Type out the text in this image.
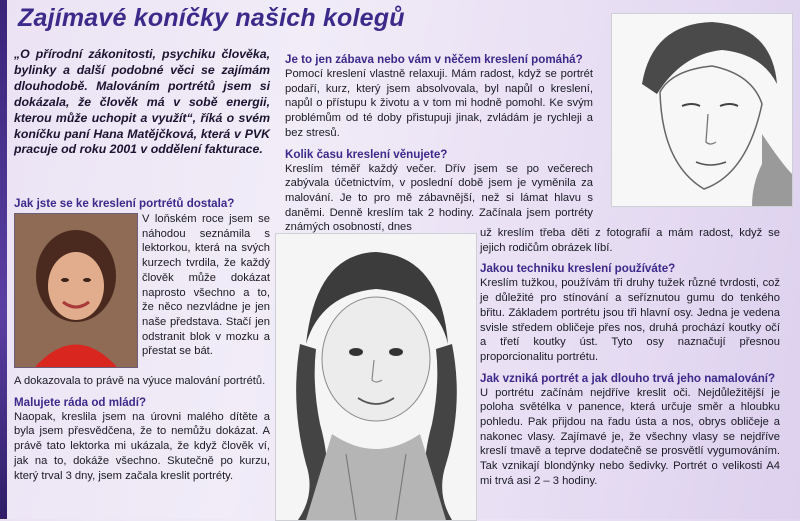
Zajímavé koníčky našich kolegů

„O přírodní zákonitosti, psychiku člověka, bylinky a další podobné věci se zajímám dlouhodobě. Malováním portrétů jsem si dokázala, že člověk má v sobě energii, kterou může uchopit a využít“, říká o svém koníčku paní Hana Matějčková, která v PVK pracuje od roku 2001 v oddělení fakturace.

Jak jste se ke kreslení portrétů dostala?

V loňském roce jsem se náhodou seznámila s lektorkou, která na svých kurzech tvrdila, že každý člověk může dokázat naprosto všechno a to, že něco nezvládne je jen naše představa. Stačí jen odstranit blok v mozku a přestat se bát.

A dokazovala to právě na výuce malování portrétů.

Malujete ráda od mládí?

Naopak, kreslila jsem na úrovni malého dítěte a byla jsem přesvědčena, že to nemůžu dokázat. A právě tato lektorka mi ukázala, že když člověk ví, jak na to, dokáže všechno. Skutečně po kurzu, který trval 3 dny, jsem začala kreslit portréty.

Je to jen zábava nebo vám v něčem kreslení pomáhá?

Pomocí kreslení vlastně relaxuji. Mám radost, když se portrét podaří, kurz, který jsem absolvovala, byl napůl o kreslení, napůl o přístupu k životu a v tom mi hodně pomohl. Ke svým problémům od té doby přistupuji jinak, zvládám je rychleji a bez stresů.

Kolik času kreslení věnujete?

Kreslím téměř každý večer. Dřív jsem se po večerech zabývala účetnictvím, v poslední době jsem je vyměnila za malování. Je to pro mě zábavnější, než si lámat hlavu s daněmi. Denně kreslím tak 2 hodiny. Začínala jsem portréty známých osobností, dnes	už kreslím třeba děti z fotografií a mám radost, když se jejich rodičům obrázek líbí.

Jakou techniku kreslení používáte?

Kreslím tužkou, používám tři druhy tužek různé tvrdosti, což je důležité pro stínování a seříznutou gumu do tenkého břitu. Základem portrétu jsou tři hlavní osy. Jedna je vedena svisle středem obličeje přes nos, druhá prochází koutky očí a třetí koutky úst. Tyto osy naznačují přesnou proporcionalitu portrétu.

Jak vzniká portrét a jak dlouho trvá jeho namalování?

U portrétu začínám nejdříve kreslit oči. Nejdůležitější je poloha světélka v panence, která určuje směr a hloubku pohledu. Pak přijdou na řadu ústa a nos, obrys obličeje a nakonec vlasy. Zajímavé je, že všechny vlasy se nejdříve kreslí tmavě a teprve dodatečně se prosvětlí vygumováním. Tak vznikají blondýnky nebo šedivky. Portrét o velikosti A4 mi trvá asi 2 – 3 hodiny.
